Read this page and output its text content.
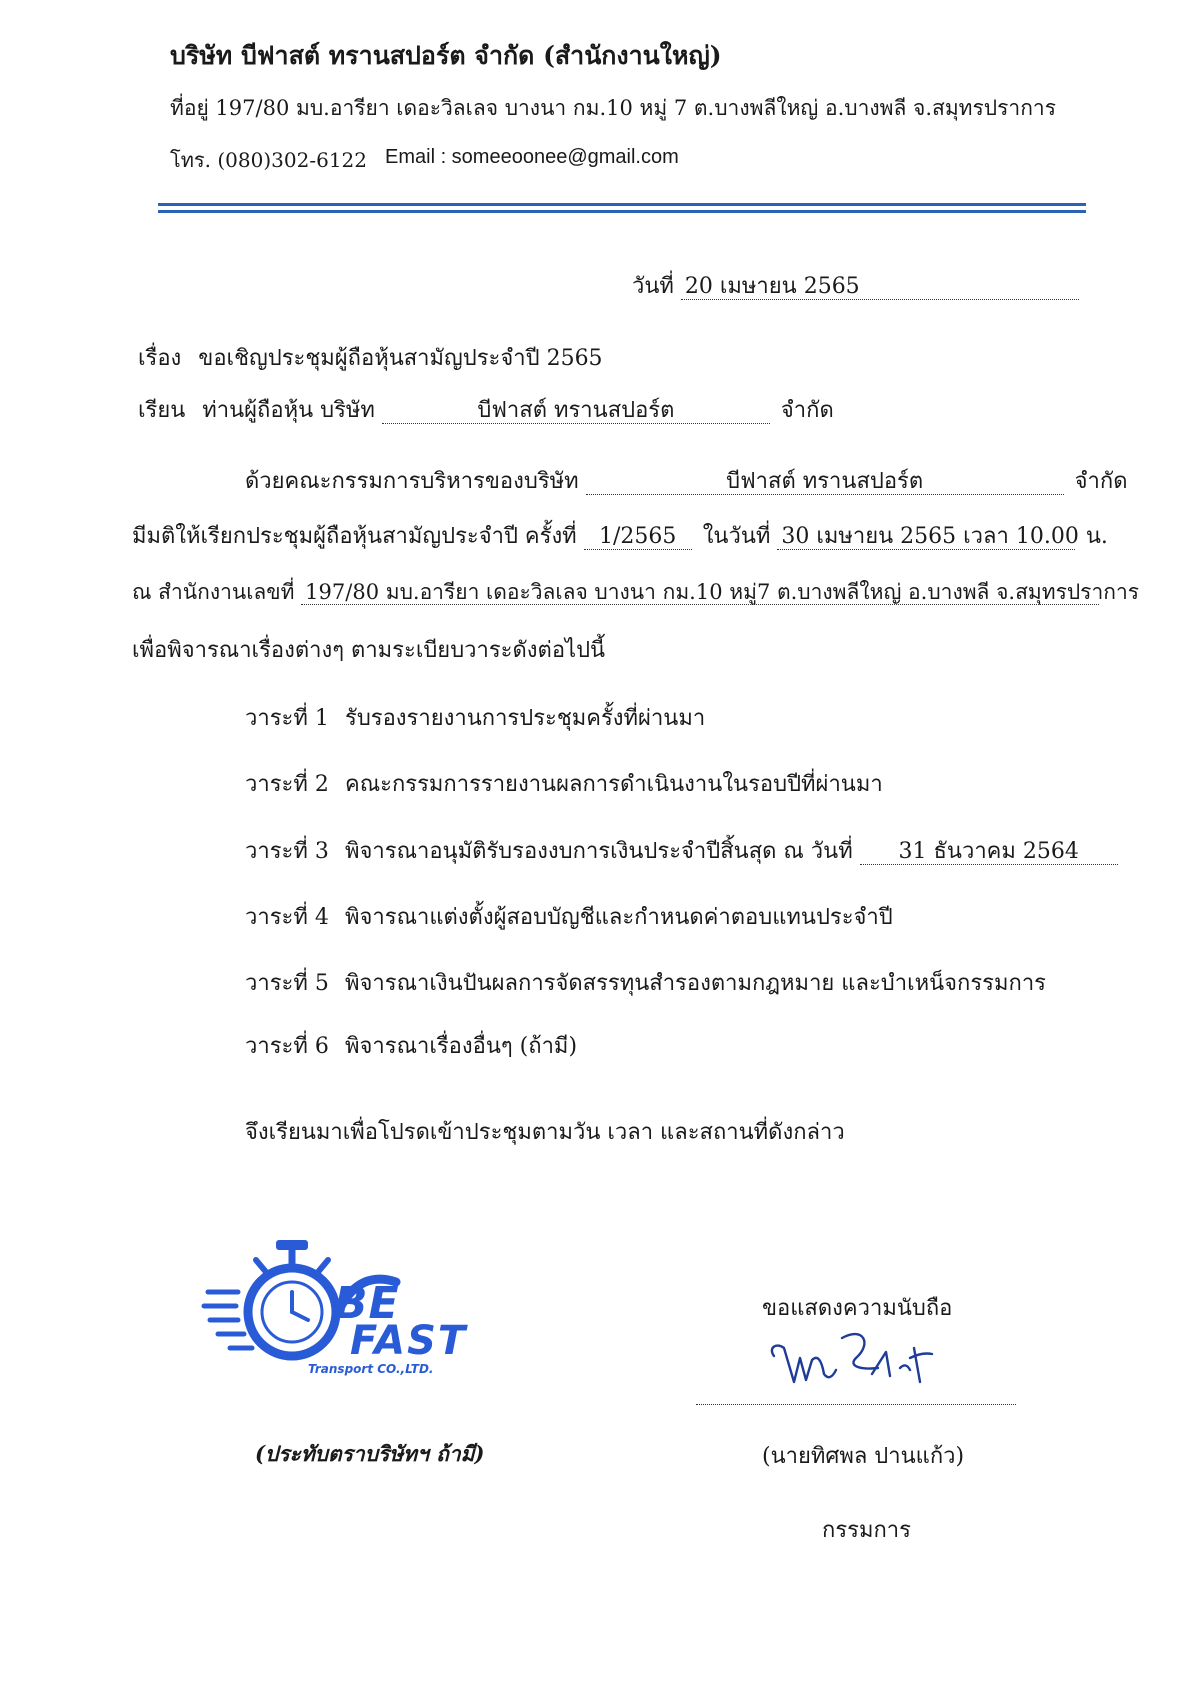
บริษัท บีฟาสต์ ทรานสปอร์ต จำกัด (สำนักงานใหญ่)
ที่อยู่ 197/80 มบ.อารียา เดอะวิลเลจ บางนา กม.10 หมู่ 7 ต.บางพลีใหญ่ อ.บางพลี จ.สมุทรปราการ
โทร. (080)302-6122 Email : someeoonee@gmail.com
วันที่ 20 เมษายน 2565
เรื่อง ขอเชิญประชุมผู้ถือหุ้นสามัญประจำปี 2565
เรียน ท่านผู้ถือหุ้น บริษัท	บีฟาสต์ ทรานสปอร์ต	จำกัด
ด้วยคณะกรรมการบริหารของบริษัท	บีฟาสต์ ทรานสปอร์ต	จำกัด
มีมติให้เรียกประชุมผู้ถือหุ้นสามัญประจำปี ครั้งที่ 1/2565 ในวันที่ 30 เมษายน 2565 เวลา 10.00 น.
ณ สำนักงานเลขที่ 197/80 มบ.อารียา เดอะวิลเลจ บางนา กม.10 หมู่7 ต.บางพลีใหญ่ อ.บางพลี จ.สมุทรปราการ
เพื่อพิจารณาเรื่องต่างๆ ตามระเบียบวาระดังต่อไปนี้
วาระที่ 1 รับรองรายงานการประชุมครั้งที่ผ่านมา
วาระที่ 2 คณะกรรมการรายงานผลการดำเนินงานในรอบปีที่ผ่านมา
วาระที่ 3 พิจารณาอนุมัติรับรองงบการเงินประจำปีสิ้นสุด ณ วันที่ 31 ธันวาคม 2564
วาระที่ 4 พิจารณาแต่งตั้งผู้สอบบัญชีและกำหนดค่าตอบแทนประจำปี
วาระที่ 5 พิจารณาเงินปันผลการจัดสรรทุนสำรองตามกฎหมาย และบำเหน็จกรรมการ
วาระที่ 6 พิจารณาเรื่องอื่นๆ (ถ้ามี)
จึงเรียนมาเพื่อโปรดเข้าประชุมตามวัน เวลา และสถานที่ดังกล่าว
BE
FAST
Transport CO.,LTD.
(ประทับตราบริษัทฯ ถ้ามี)
ขอแสดงความนับถือ
(นายทิศพล ปานแก้ว)
กรรมการ
